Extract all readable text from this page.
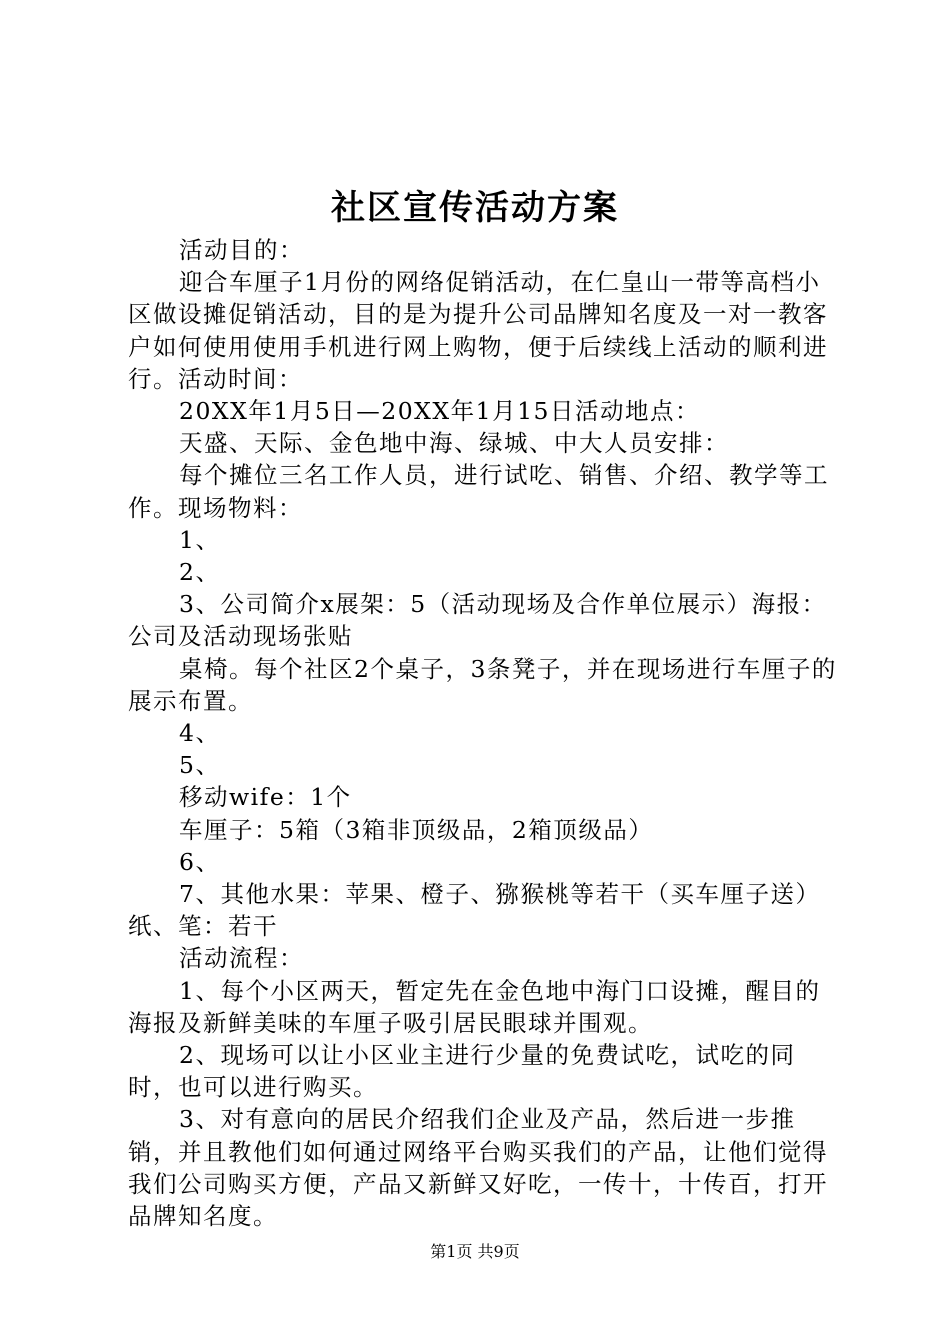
社区宣传活动方案

活动目的：

迎合车厘子1月份的网络促销活动，在仁皇山一带等高档小区做设摊促销活动，目的是为提升公司品牌知名度及一对一教客户如何使用使用手机进行网上购物，便于后续线上活动的顺利进行。活动时间：

20XX年1月5日—20XX年1月15日活动地点：

天盛、天际、金色地中海、绿城、中大人员安排：

每个摊位三名工作人员，进行试吃、销售、介绍、教学等工作。现场物料：

1、

2、

3、公司简介x展架：5（活动现场及合作单位展示）海报：公司及活动现场张贴

桌椅。每个社区2个桌子，3条凳子，并在现场进行车厘子的展示布置。

4、

5、

移动wife：1个

车厘子：5箱（3箱非顶级品，2箱顶级品）

6、

7、其他水果：苹果、橙子、猕猴桃等若干（买车厘子送）纸、笔：若干

活动流程：

1、每个小区两天，暂定先在金色地中海门口设摊，醒目的海报及新鲜美味的车厘子吸引居民眼球并围观。

2、现场可以让小区业主进行少量的免费试吃，试吃的同时，也可以进行购买。

3、对有意向的居民介绍我们企业及产品，然后进一步推销，并且教他们如何通过网络平台购买我们的产品，让他们觉得我们公司购买方便，产品又新鲜又好吃，一传十，十传百，打开品牌知名度。

第1页 共9页
